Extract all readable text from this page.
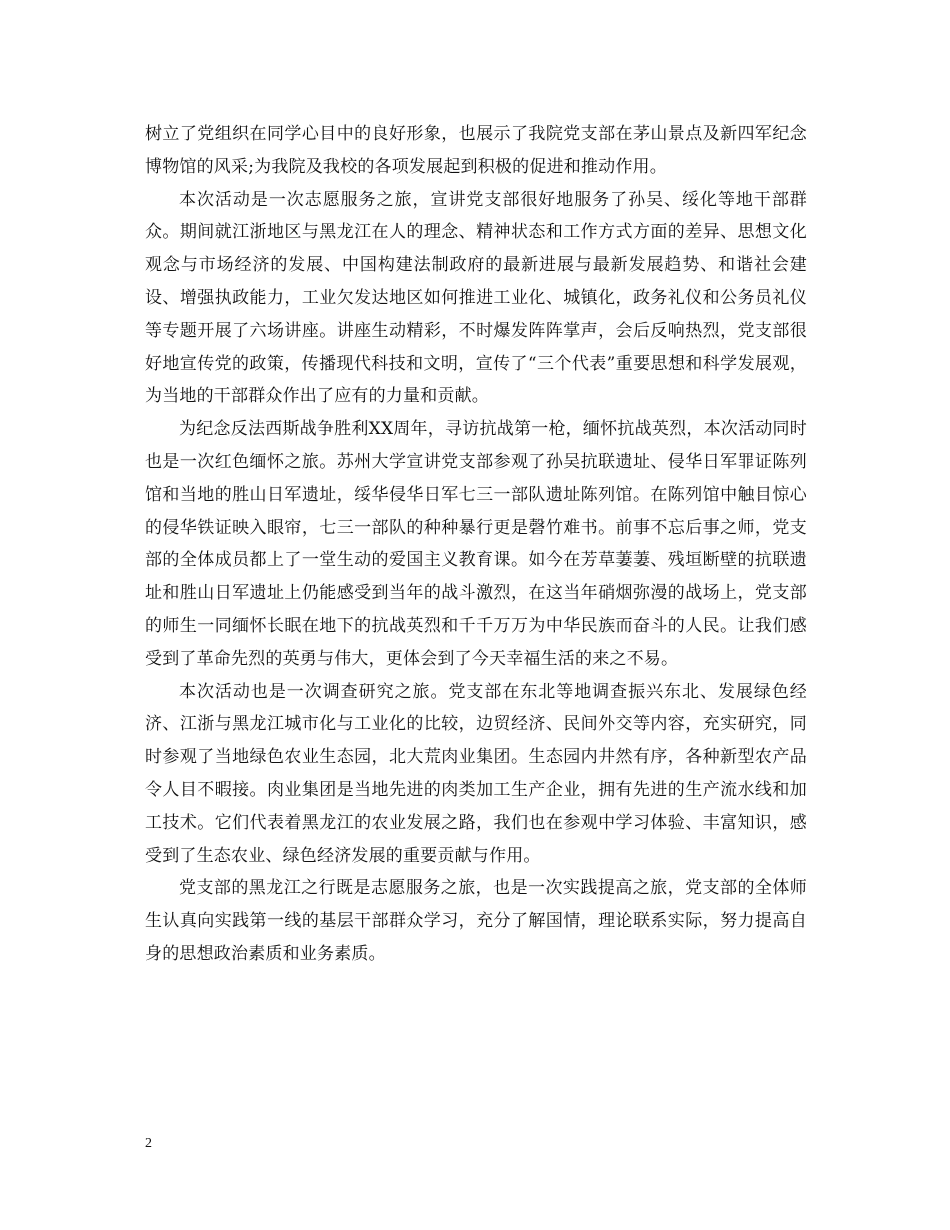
树立了党组织在同学心目中的良好形象，也展示了我院党支部在茅山景点及新四军纪念博物馆的风采;为我院及我校的各项发展起到积极的促进和推动作用。

本次活动是一次志愿服务之旅，宣讲党支部很好地服务了孙吴、绥化等地干部群众。期间就江浙地区与黑龙江在人的理念、精神状态和工作方式方面的差异、思想文化观念与市场经济的发展、中国构建法制政府的最新进展与最新发展趋势、和谐社会建设、增强执政能力，工业欠发达地区如何推进工业化、城镇化，政务礼仪和公务员礼仪等专题开展了六场讲座。讲座生动精彩，不时爆发阵阵掌声，会后反响热烈，党支部很好地宣传党的政策，传播现代科技和文明，宣传了“三个代表”重要思想和科学发展观，为当地的干部群众作出了应有的力量和贡献。

为纪念反法西斯战争胜利XX周年，寻访抗战第一枪，缅怀抗战英烈，本次活动同时也是一次红色缅怀之旅。苏州大学宣讲党支部参观了孙吴抗联遗址、侵华日军罪证陈列馆和当地的胜山日军遗址，绥华侵华日军七三一部队遗址陈列馆。在陈列馆中触目惊心的侵华铁证映入眼帘，七三一部队的种种暴行更是磬竹难书。前事不忘后事之师，党支部的全体成员都上了一堂生动的爱国主义教育课。如今在芳草萋萋、残垣断壁的抗联遗址和胜山日军遗址上仍能感受到当年的战斗激烈，在这当年硝烟弥漫的战场上，党支部的师生一同缅怀长眠在地下的抗战英烈和千千万万为中华民族而奋斗的人民。让我们感受到了革命先烈的英勇与伟大，更体会到了今天幸福生活的来之不易。

本次活动也是一次调查研究之旅。党支部在东北等地调查振兴东北、发展绿色经济、江浙与黑龙江城市化与工业化的比较，边贸经济、民间外交等内容，充实研究，同时参观了当地绿色农业生态园，北大荒肉业集团。生态园内井然有序，各种新型农产品令人目不暇接。肉业集团是当地先进的肉类加工生产企业，拥有先进的生产流水线和加工技术。它们代表着黑龙江的农业发展之路，我们也在参观中学习体验、丰富知识，感受到了生态农业、绿色经济发展的重要贡献与作用。

党支部的黑龙江之行既是志愿服务之旅，也是一次实践提高之旅，党支部的全体师生认真向实践第一线的基层干部群众学习，充分了解国情，理论联系实际，努力提高自身的思想政治素质和业务素质。

2
